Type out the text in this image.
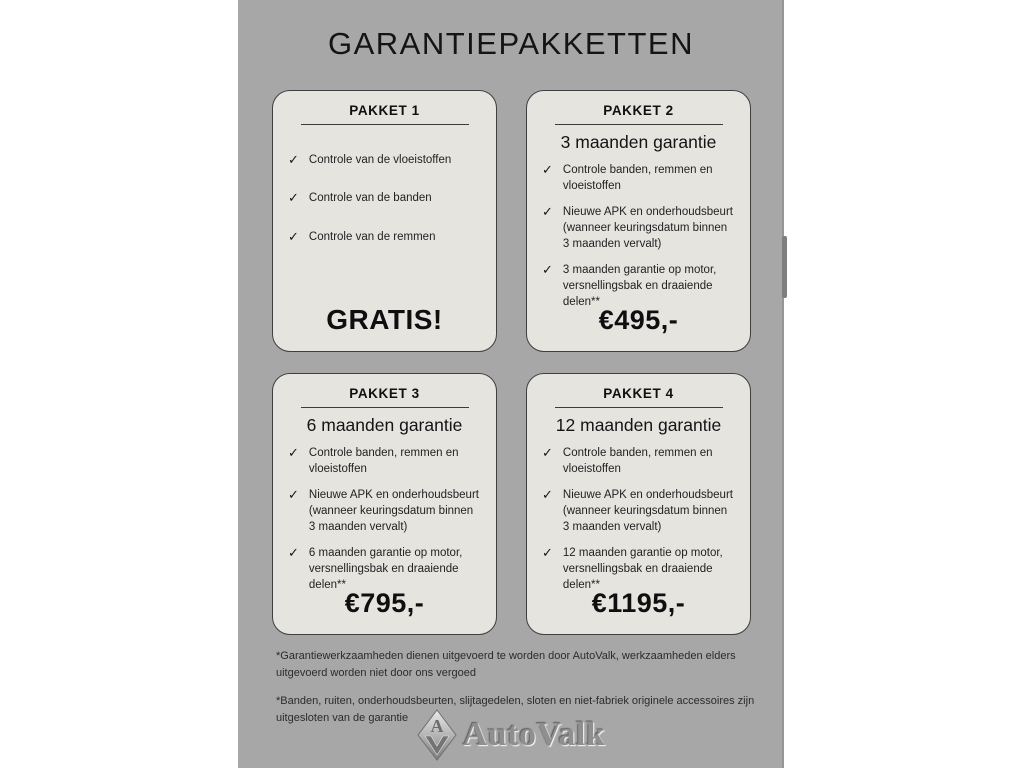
GARANTIEPAKKETTEN
PAKKET 1
✓ Controle van de vloeistoffen
✓ Controle van de banden
✓ Controle van de remmen
GRATIS!
PAKKET 2
3 maanden garantie
✓ Controle banden, remmen en vloeistoffen
✓ Nieuwe APK en onderhoudsbeurt (wanneer keuringsdatum binnen 3 maanden vervalt)
✓ 3 maanden garantie op motor, versnellingsbak en draaiende delen**
€495,-
PAKKET 3
6 maanden garantie
✓ Controle banden, remmen en vloeistoffen
✓ Nieuwe APK en onderhoudsbeurt (wanneer keuringsdatum binnen 3 maanden vervalt)
✓ 6 maanden garantie op motor, versnellingsbak en draaiende delen**
€795,-
PAKKET 4
12 maanden garantie
✓ Controle banden, remmen en vloeistoffen
✓ Nieuwe APK en onderhoudsbeurt (wanneer keuringsdatum binnen 3 maanden vervalt)
✓ 12 maanden garantie op motor, versnellingsbak en draaiende delen**
€1195,-

*Garantiewerkzaamheden dienen uitgevoerd te worden door AutoValk, werkzaamheden elders uitgevoerd worden niet door ons vergoed

*Banden, ruiten, onderhoudsbeurten, slijtagedelen, sloten en niet-fabriek originele accessoires zijn uitgesloten van de garantie	A AutoValk
